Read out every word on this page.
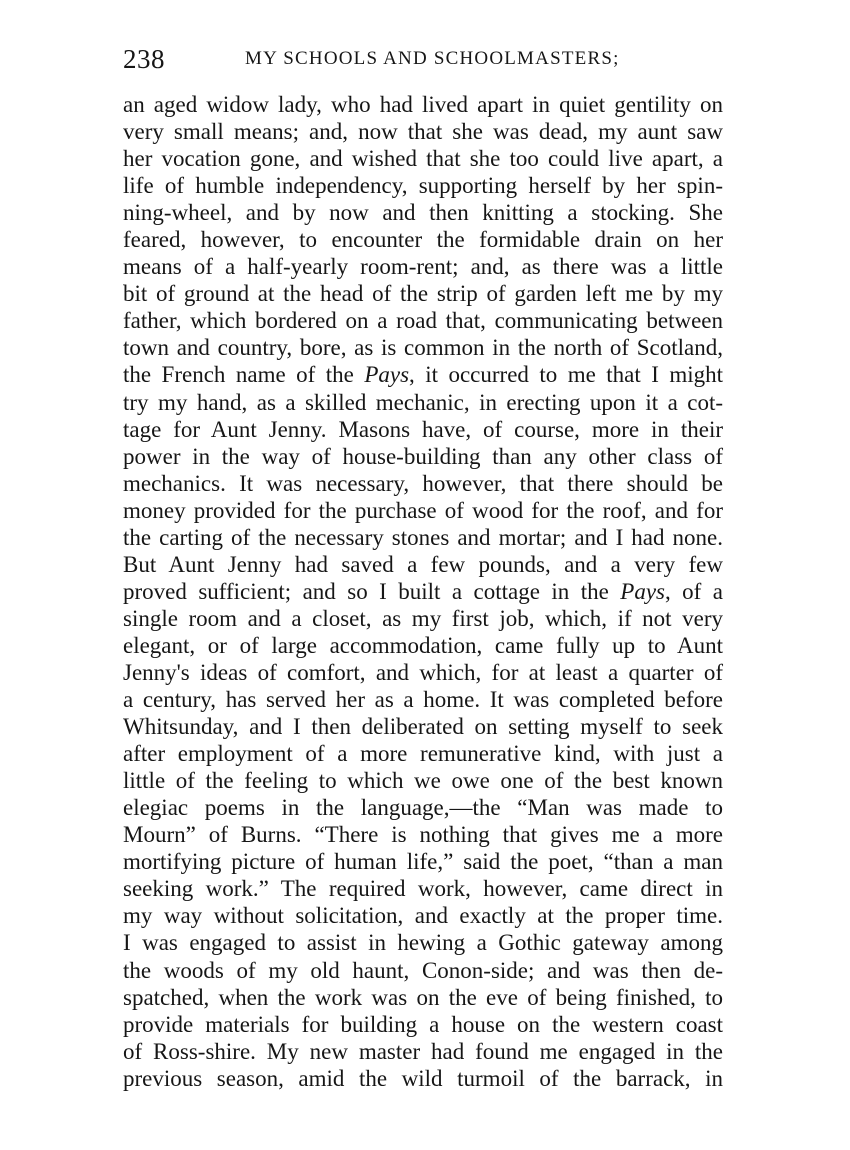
238	MY SCHOOLS AND SCHOOLMASTERS;
an aged widow lady, who had lived apart in quiet gentility on
very small means; and, now that she was dead, my aunt saw
her vocation gone, and wished that she too could live apart, a
life of humble independency, supporting herself by her spin-
ning-wheel, and by now and then knitting a stocking. She
feared, however, to encounter the formidable drain on her
means of a half-yearly room-rent; and, as there was a little
bit of ground at the head of the strip of garden left me by my
father, which bordered on a road that, communicating between
town and country, bore, as is common in the north of Scotland,
the French name of the Pays, it occurred to me that I might
try my hand, as a skilled mechanic, in erecting upon it a cot-
tage for Aunt Jenny. Masons have, of course, more in their
power in the way of house-building than any other class of
mechanics. It was necessary, however, that there should be
money provided for the purchase of wood for the roof, and for
the carting of the necessary stones and mortar; and I had none.
But Aunt Jenny had saved a few pounds, and a very few
proved sufficient; and so I built a cottage in the Pays, of a
single room and a closet, as my first job, which, if not very
elegant, or of large accommodation, came fully up to Aunt
Jenny's ideas of comfort, and which, for at least a quarter of
a century, has served her as a home. It was completed before
Whitsunday, and I then deliberated on setting myself to seek
after employment of a more remunerative kind, with just a
little of the feeling to which we owe one of the best known
elegiac poems in the language,—the “Man was made to
Mourn” of Burns. “There is nothing that gives me a more
mortifying picture of human life,” said the poet, “than a man
seeking work.” The required work, however, came direct in
my way without solicitation, and exactly at the proper time.
I was engaged to assist in hewing a Gothic gateway among
the woods of my old haunt, Conon-side; and was then de-
spatched, when the work was on the eve of being finished, to
provide materials for building a house on the western coast
of Ross-shire. My new master had found me engaged in the
previous season, amid the wild turmoil of the barrack, in
